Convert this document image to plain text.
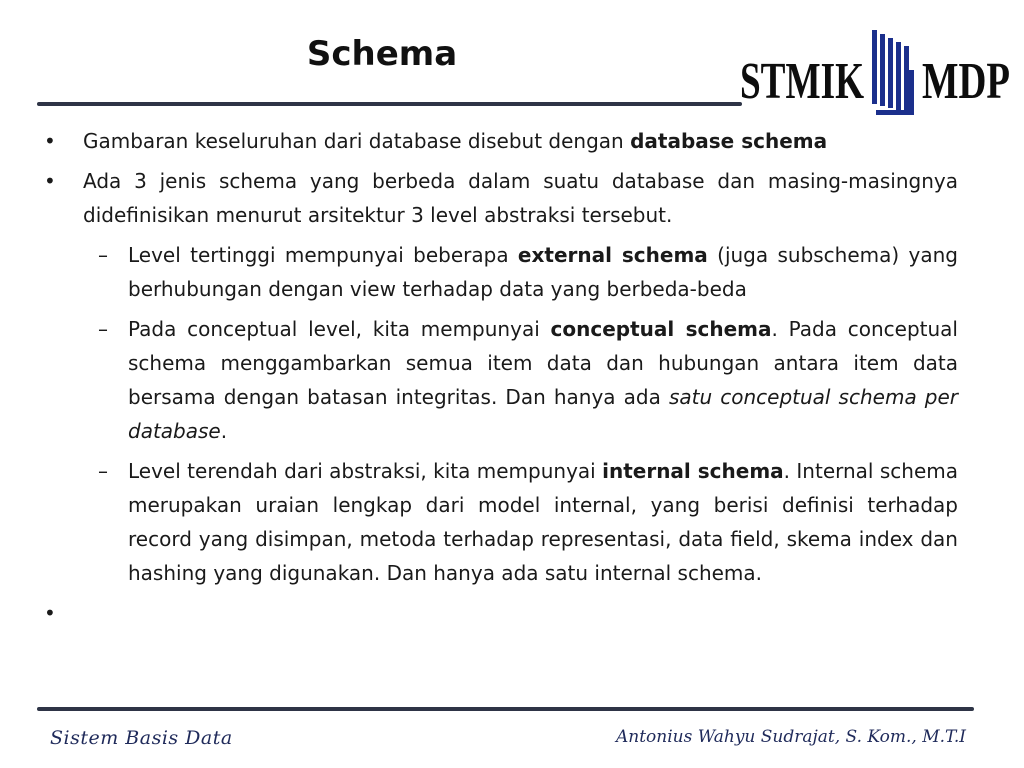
Schema	STMIK MDP
• Gambaran keseluruhan dari database disebut dengan database schema
• Ada 3 jenis schema yang berbeda dalam suatu database dan masing-masingnya didefinisikan menurut arsitektur 3 level abstraksi tersebut.
– Level tertinggi mempunyai beberapa external schema (juga subschema) yang berhubungan dengan view terhadap data yang berbeda-beda
– Pada conceptual level, kita mempunyai conceptual schema. Pada conceptual schema menggambarkan semua item data dan hubungan antara item data bersama dengan batasan integritas. Dan hanya ada satu conceptual schema per database.
– Level terendah dari abstraksi, kita mempunyai internal schema. Internal schema merupakan uraian lengkap dari model internal, yang berisi definisi terhadap record yang disimpan, metoda terhadap representasi, data field, skema index dan hashing yang digunakan. Dan hanya ada satu internal schema.
•
Sistem Basis Data	Antonius Wahyu Sudrajat, S. Kom., M.T.I
